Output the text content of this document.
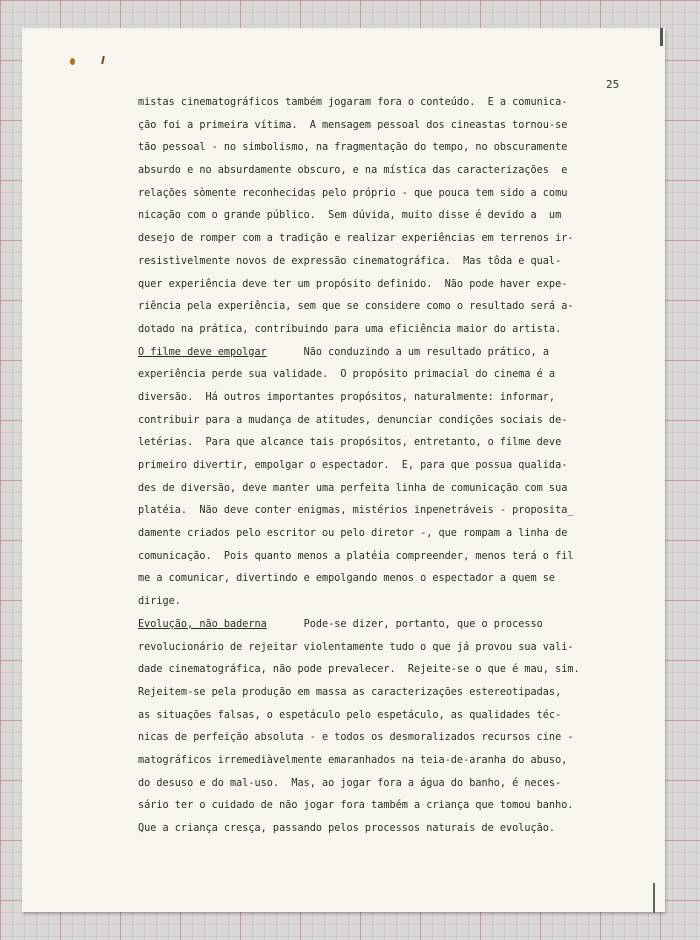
25
mistas cinematográficos também jogaram fora o conteúdo.  E a comunica-
ção foi a primeira vítima.  A mensagem pessoal dos cineastas tornou-se
tão pessoal - no simbolismo, na fragmentação do tempo, no obscuramente
absurdo e no absurdamente obscuro, e na mística das caracterizações  e
relações sòmente reconhecidas pelo próprio - que pouca tem sido a comu
nicação com o grande público.  Sem dúvida, muito disse é devido a  um
desejo de romper com a tradição e realizar experiências em terrenos ir-
resistìvelmente novos de expressão cinematográfica.  Mas tôda e qual-
quer experiência deve ter um propósito definido.  Não pode haver expe-
riência pela experiência, sem que se considere como o resultado será a-
dotado na prática, contribuindo para uma eficiência maior do artista.
O filme deve empolgar      Não conduzindo a um resultado prático, a
experiência perde sua validade.  O propósito primacial do cinema é a
diversão.  Há outros importantes propósitos, naturalmente: informar,
contribuir para a mudança de atitudes, denunciar condições sociais de-
letérias.  Para que alcance tais propósitos, entretanto, o filme deve
primeiro divertir, empolgar o espectador.  E, para que possua qualida-
des de diversão, deve manter uma perfeita linha de comunicação com sua
platéia.  Não deve conter enigmas, mistérios inpenetráveis - proposita_
damente criados pelo escritor ou pelo diretor -, que rompam a linha de
comunicação.  Pois quanto menos a platéia compreender, menos terá o fil
me a comunicar, divertindo e empolgando menos o espectador a quem se
dirige.
Evolução, não baderna      Pode-se dizer, portanto, que o processo
revolucionário de rejeitar violentamente tudo o que já provou sua vali-
dade cinematográfica, não pode prevalecer.  Rejeite-se o que é mau, sim.
Rejeitem-se pela produção em massa as caracterizações estereotipadas,
as situações falsas, o espetáculo pelo espetáculo, as qualidades téc-
nicas de perfeição absoluta - e todos os desmoralizados recursos cine -
matográficos irremediàvelmente emaranhados na teia-de-aranha do abuso,
do desuso e do mal-uso.  Mas, ao jogar fora a água do banho, é neces-
sário ter o cuidado de não jogar fora também a criança que tomou banho.
Que a criança cresça, passando pelos processos naturais de evolução.
